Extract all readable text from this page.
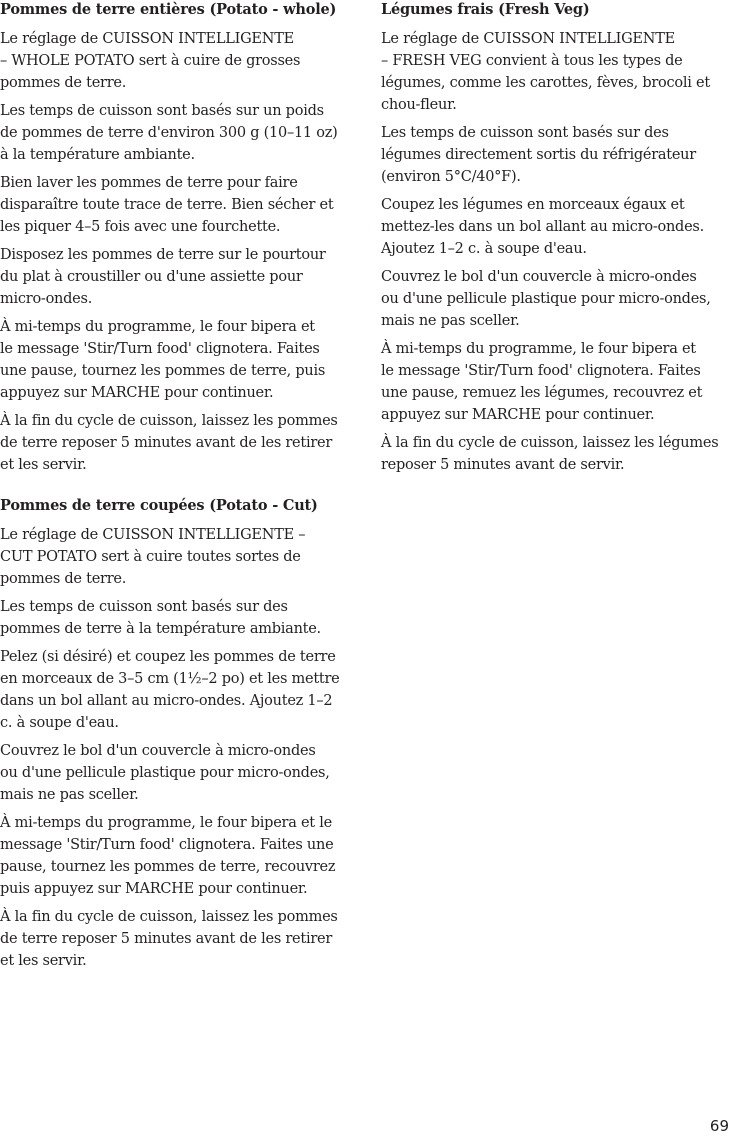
Pommes de terre entières (Potato - whole)

Le réglage de CUISSON INTELLIGENTE
– WHOLE POTATO sert à cuire de grosses
pommes de terre.

Les temps de cuisson sont basés sur un poids
de pommes de terre d'environ 300 g (10–11 oz)
à la température ambiante.

Bien laver les pommes de terre pour faire
disparaître toute trace de terre. Bien sécher et
les piquer 4–5 fois avec une fourchette.

Disposez les pommes de terre sur le pourtour
du plat à croustiller ou d'une assiette pour
micro-ondes.

À mi-temps du programme, le four bipera et
le message 'Stir/Turn food' clignotera. Faites
une pause, tournez les pommes de terre, puis
appuyez sur MARCHE pour continuer.

À la fin du cycle de cuisson, laissez les pommes
de terre reposer 5 minutes avant de les retirer
et les servir.

Pommes de terre coupées (Potato - Cut)

Le réglage de CUISSON INTELLIGENTE –
CUT POTATO sert à cuire toutes sortes de
pommes de terre.

Les temps de cuisson sont basés sur des
pommes de terre à la température ambiante.

Pelez (si désiré) et coupez les pommes de terre
en morceaux de 3–5 cm (1½–2 po) et les mettre
dans un bol allant au micro-ondes. Ajoutez 1–2
c. à soupe d'eau.

Couvrez le bol d'un couvercle à micro-ondes
ou d'une pellicule plastique pour micro-ondes,
mais ne pas sceller.

À mi-temps du programme, le four bipera et le
message 'Stir/Turn food' clignotera. Faites une
pause, tournez les pommes de terre, recouvrez
puis appuyez sur MARCHE pour continuer.

À la fin du cycle de cuisson, laissez les pommes
de terre reposer 5 minutes avant de les retirer
et les servir.

Légumes frais (Fresh Veg)

Le réglage de CUISSON INTELLIGENTE
– FRESH VEG convient à tous les types de
légumes, comme les carottes, fèves, brocoli et
chou-fleur.

Les temps de cuisson sont basés sur des
légumes directement sortis du réfrigérateur
(environ 5°C/40°F).

Coupez les légumes en morceaux égaux et
mettez-les dans un bol allant au micro-ondes.
Ajoutez 1–2 c. à soupe d'eau.

Couvrez le bol d'un couvercle à micro-ondes
ou d'une pellicule plastique pour micro-ondes,
mais ne pas sceller.

À mi-temps du programme, le four bipera et
le message 'Stir/Turn food' clignotera. Faites
une pause, remuez les légumes, recouvrez et
appuyez sur MARCHE pour continuer.

À la fin du cycle de cuisson, laissez les légumes
reposer 5 minutes avant de servir.

69
